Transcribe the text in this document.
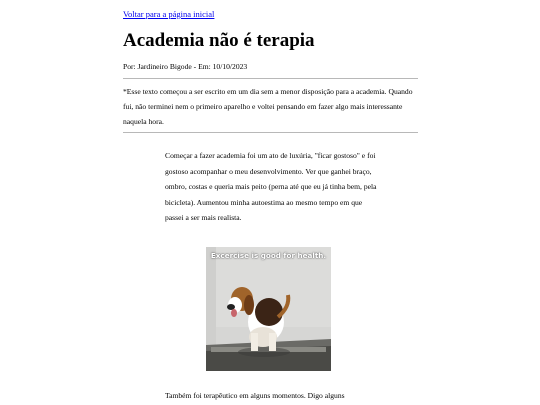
Voltar para a página inicial
Academia não é terapia
Por: Jardineiro Bigode - Em: 10/10/2023
*Esse texto começou a ser escrito em um dia sem a menor disposição para a academia. Quando fui, não terminei nem o primeiro aparelho e voltei pensando em fazer algo mais interessante naquela hora.
Começar a fazer academia foi um ato de luxúria, "ficar gostoso" e foi gostoso acompanhar o meu desenvolvimento. Ver que ganhei braço, ombro, costas e queria mais peito (perna até que eu já tinha bem, pela bicicleta). Aumentou minha autoestima ao mesmo tempo em que passei a ser mais realista.
Excercise is good for health.
Também foi terapêutico em alguns momentos. Digo alguns
